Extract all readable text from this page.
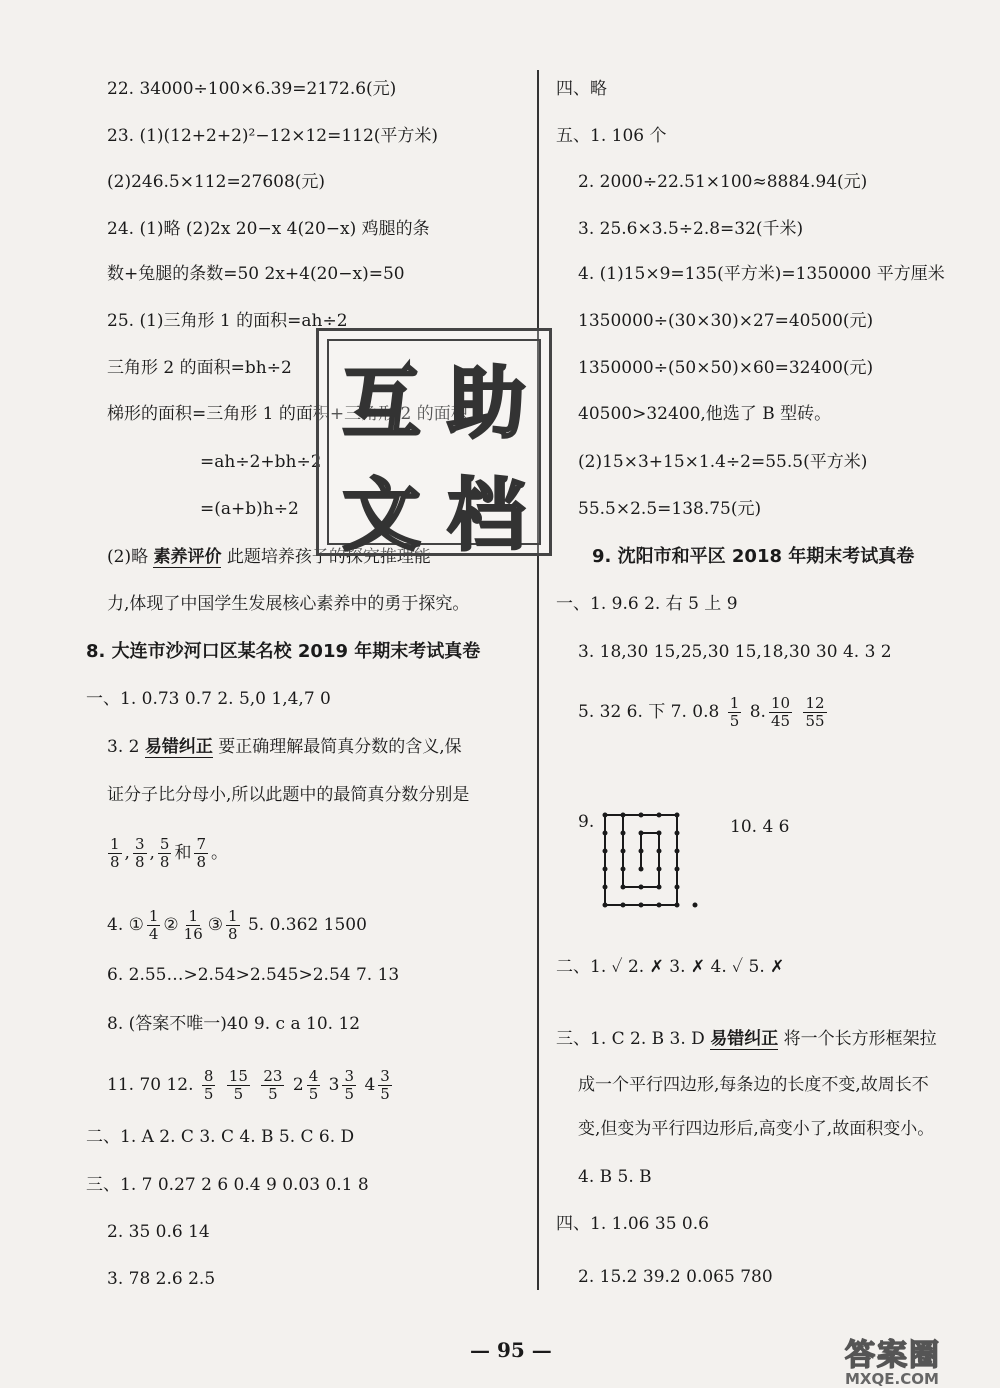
22. 34000÷100×6.39=2172.6(元)
23. (1)(12+2+2)²−12×12=112(平方米)
(2)246.5×112=27608(元)
24. (1)略 (2)2x 20−x 4(20−x) 鸡腿的条
数+兔腿的条数=50 2x+4(20−x)=50
25. (1)三角形 1 的面积=ah÷2
三角形 2 的面积=bh÷2
梯形的面积=三角形 1 的面积+三角形 2 的面积
=ah÷2+bh÷2
=(a+b)h÷2
(2)略 素养评价 此题培养孩子的探究推理能
力,体现了中国学生发展核心素养中的勇于探究。
8. 大连市沙河口区某名校 2019 年期末考试真卷
一、1. 0.73 0.7 2. 5,0 1,4,7 0
3. 2 易错纠正 要正确理解最简真分数的含义,保
证分子比分母小,所以此题中的最简真分数分别是
$\frac{1}{8}$ , $\frac{3}{8}$ , $\frac{5}{8}$ 和 $\frac{7}{8}$ 。
4. ① $\frac{1}{4}$ ② $\frac{1}{16}$ ③ $\frac{1}{8} 5$. 0.362 1500
6. 2.55…>2.54>2.545>2.54 7. 13
8. (答案不唯一)40 9. c a 10. 12
11. 70 12. $\frac{8}{5}$
$\frac{15}{5}$
$\frac{23}{5} 2 \frac{4}{5} 3 \frac{3}{5} 4 \frac{3}{5}$
二、1. A 2. C 3. C 4. B 5. C 6. D
三、1. 7 0.27 2 6 0.4 9 0.03 0.1 8
2. 35 0.6 14
3. 78 2.6 2.5
四、略
五、1. 106 个
2. 2000÷22.51×100≈8884.94(元)
3. 25.6×3.5÷2.8=32(千米)
4. (1)15×9=135(平方米)=1350000 平方厘米
1350000÷(30×30)×27=40500(元)
1350000÷(50×50)×60=32400(元)
40500>32400,他选了 B 型砖。
(2)15×3+15×1.4÷2=55.5(平方米)
55.5×2.5=138.75(元)
9. 沈阳市和平区 2018 年期末考试真卷
一、1. 9.6 2. 右 5 上 9
3. 18,30 15,25,30 15,18,30 30 4. 3 2
5. 32 6. 下 7. $0.8 \frac{1}{5} 8$. $\frac{10}{45}$
$\frac{12}{55}$
9.	10. 4 6
二、1. ✓ 2. ✗ 3. ✗ 4. ✓ 5. ✗
三、1. C 2. B 3. D 易错纠正 将一个长方形框架拉
成一个平行四边形,每条边的长度不变,故周长不
变,但变为平行四边形后,高变小了,故面积变小。
4. B 5. B
四、1. 1.06 35 0.6
2. 15.2 39.2 0.065 780
互 助
文 档
— 95 —	答案圈
MXQE.COM
